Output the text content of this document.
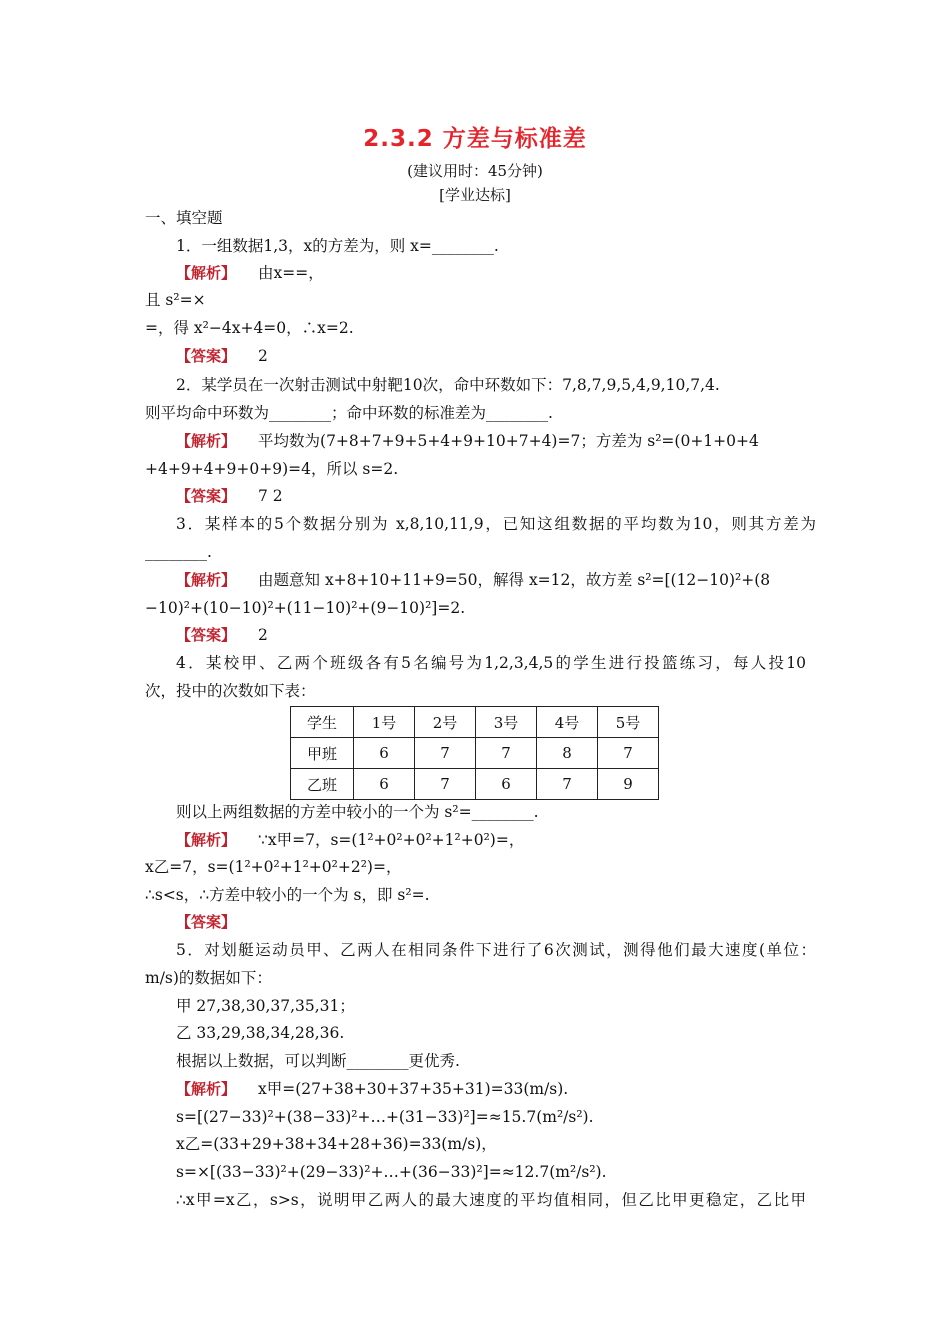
2.3.2 方差与标准差
(建议用时：45分钟)
[学业达标]
一、填空题
1．一组数据1,3，x的方差为，则 x=________.
【解析】 由x==，
且 s²=×
=，得 x²−4x+4=0，∴x=2.
【答案】 2
2．某学员在一次射击测试中射靶10次，命中环数如下：7,8,7,9,5,4,9,10,7,4.
则平均命中环数为________；命中环数的标准差为________.
【解析】 平均数为(7+8+7+9+5+4+9+10+7+4)=7；方差为 s²=(0+1+0+4
+4+9+4+9+0+9)=4，所以 s=2.
【答案】 7 2
3．某样本的5个数据分别为 x,8,10,11,9，已知这组数据的平均数为10，则其方差为
________.
【解析】 由题意知 x+8+10+11+9=50，解得 x=12，故方差 s²=[(12−10)²+(8
−10)²+(10−10)²+(11−10)²+(9−10)²]=2.
【答案】 2
4．某校甲、乙两个班级各有5名编号为1,2,3,4,5的学生进行投篮练习，每人投10
次，投中的次数如下表：
学生	1号	2号	3号	4号	5号
甲班	6	7	7	8	7
乙班	6	7	6	7	9
则以上两组数据的方差中较小的一个为 s²=________.
【解析】 ∵x甲=7，s=(1²+0²+0²+1²+0²)=，
x乙=7，s=(1²+0²+1²+0²+2²)=，
∴s<s，∴方差中较小的一个为 s，即 s²=.
【答案】
5．对划艇运动员甲、乙两人在相同条件下进行了6次测试，测得他们最大速度(单位：
m/s)的数据如下：
甲 27,38,30,37,35,31；
乙 33,29,38,34,28,36.
根据以上数据，可以判断________更优秀.
【解析】 x甲=(27+38+30+37+35+31)=33(m/s).
s=[(27−33)²+(38−33)²+…+(31−33)²]=≈15.7(m²/s²).
x乙=(33+29+38+34+28+36)=33(m/s)，
s=×[(33−33)²+(29−33)²+…+(36−33)²]=≈12.7(m²/s²).
∴x甲=x乙，s>s，说明甲乙两人的最大速度的平均值相同，但乙比甲更稳定，乙比甲
